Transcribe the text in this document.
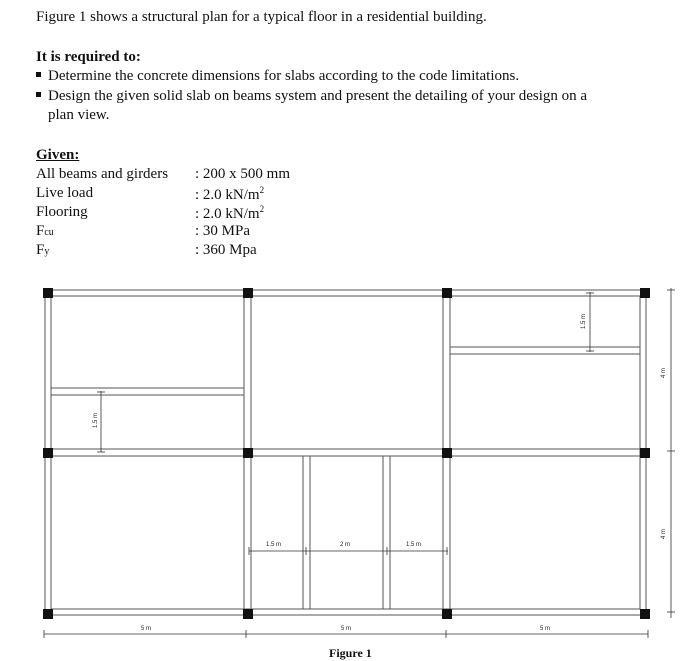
Figure 1 shows a structural plan for a typical floor in a residential building.
It is required to:
Determine the concrete dimensions for slabs according to the code limitations.
Design the given solid slab on beams system and present the detailing of your design on a
plan view.
Given:
All beams and girders : 200 x 500 mm
Live load	: 2.0 $kN/m^2$
Flooring	: 2.0 $kN/m^2$
Fcu	: 30 MPa
Fy	: 360 Mpa
5 m	5 m	5 m
4 m
4 m
1.5 m
1.5 m
1.5 m	2 m	1.5 m
Figure 1
